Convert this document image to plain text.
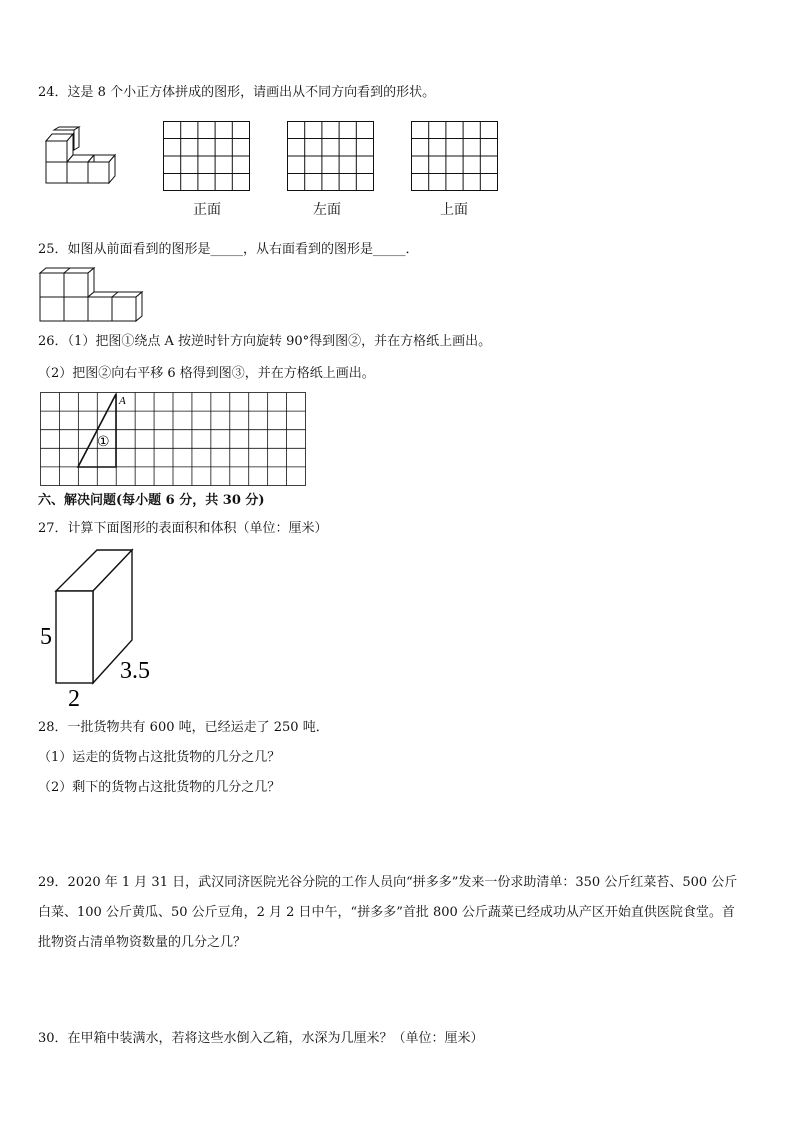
24．这是 8 个小正方体拼成的图形，请画出从不同方向看到的形状。
正面	左面	上面
25．如图从前面看到的图形是_____，从右面看到的图形是_____．
26．（1）把图①绕点 A 按逆时针方向旋转 90°得到图②，并在方格纸上画出。
（2）把图②向右平移 6 格得到图③，并在方格纸上画出。
A
①
六、解决问题(每小题 6 分，共 30 分)
27．计算下面图形的表面积和体积（单位：厘米）
5
3.5
2
28．一批货物共有 600 吨，已经运走了 250 吨．
（1）运走的货物占这批货物的几分之几？
（2）剩下的货物占这批货物的几分之几？
29．2020 年 1 月 31 日，武汉同济医院光谷分院的工作人员向“拼多多”发来一份求助清单：350 公斤红菜苔、500 公斤
白菜、100 公斤黄瓜、50 公斤豆角，2 月 2 日中午，“拼多多”首批 800 公斤蔬菜已经成功从产区开始直供医院食堂。首
批物资占清单物资数量的几分之几？
30．在甲箱中装满水，若将这些水倒入乙箱，水深为几厘米？（单位：厘米）
